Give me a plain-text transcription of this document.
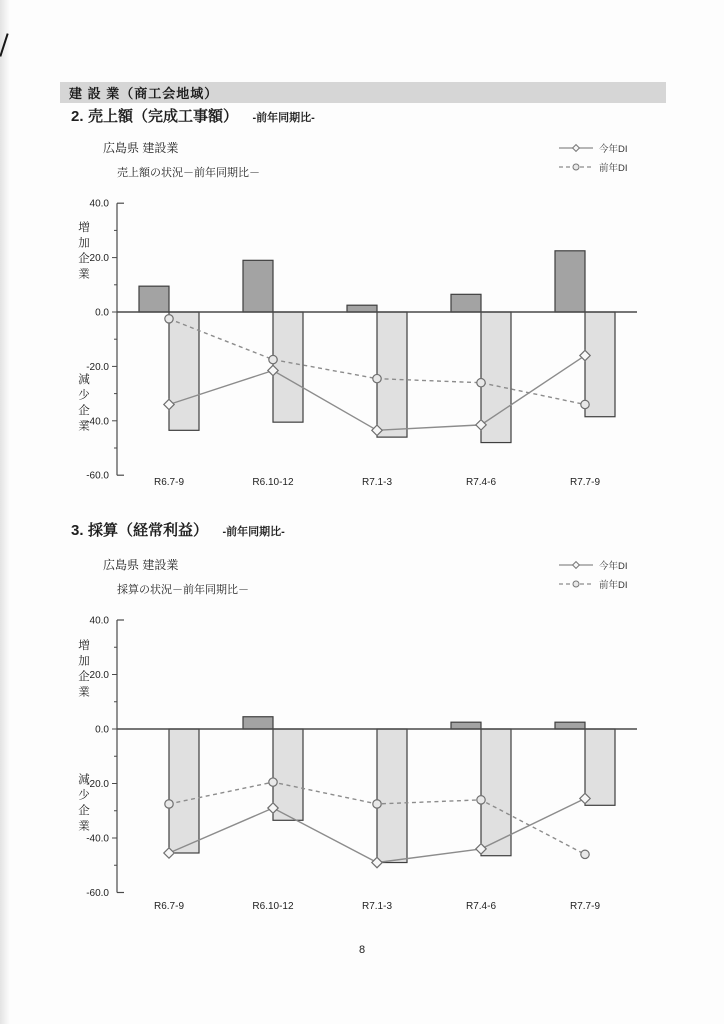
建 設 業（商工会地域）
2. 売上額（完成工事額） -前年同期比-
広島県 建設業
売上額の状況－前年同期比－
今年DI
前年DI
40.0
20.0
0.0
-20.0
-40.0
-60.0
増
加
企
業
減
少
企
業
R6.7-9	R6.10-12	R7.1-3	R7.4-6	R7.7-9
3. 採算（経常利益） -前年同期比-
広島県 建設業
採算の状況－前年同期比－
今年DI
前年DI
40.0
20.0
0.0
-20.0
-40.0
-60.0
増
加
企
業
減
少
企
業
R6.7-9	R6.10-12	R7.1-3	R7.4-6	R7.7-9
8
